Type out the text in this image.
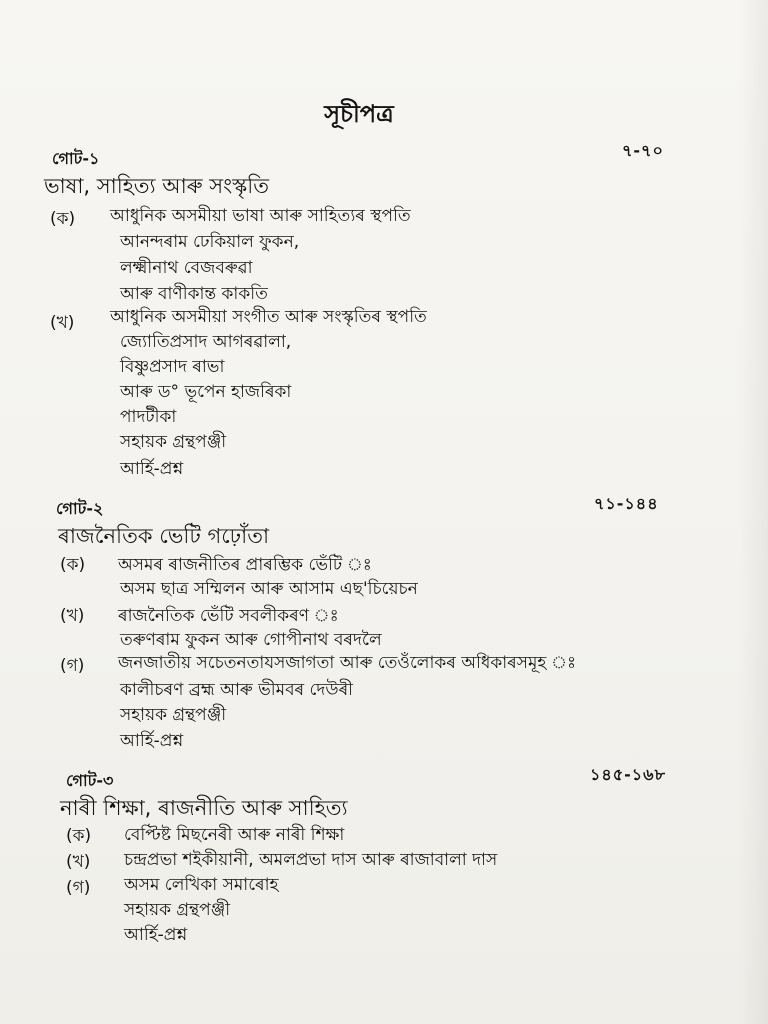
সূচীপত্ৰ
গোট-১	৭-৭০
ভাষা, সাহিত্য আৰু সংস্কৃতি
(ক) আধুনিক অসমীয়া ভাষা আৰু সাহিত্যৰ স্থপতি
আনন্দৰাম ঢেকিয়াল ফুকন,
লক্ষ্মীনাথ বেজবৰুৱা
আৰু বাণীকান্ত কাকতি
(খ) আধুনিক অসমীয়া সংগীত আৰু সংস্কৃতিৰ স্থপতি
জ্যোতিপ্ৰসাদ আগৰৱালা,
বিষ্ণুপ্ৰসাদ ৰাভা
আৰু ড° ভূপেন হাজৰিকা
পাদটীকা
সহায়ক গ্ৰন্থপঞ্জী
আৰ্হি-প্ৰশ্ন
গোট-২	৭১-১৪৪
ৰাজনৈতিক ভেটি গঢ়োঁতা
(ক) অসমৰ ৰাজনীতিৰ প্ৰাৰম্ভিক ভেঁটি ঃ
অসম ছাত্ৰ সম্মিলন আৰু আসাম এছ'চিয়েচন
(খ) ৰাজনৈতিক ভেঁটি সবলীকৰণ ঃ
তৰুণৰাম ফুকন আৰু গোপীনাথ বৰদলৈ
(গ) জনজাতীয় সচেতনতাযসজাগতা আৰু তেওঁলোকৰ অধিকাৰসমূহ ঃ
কালীচৰণ ব্ৰহ্ম আৰু ভীমবৰ দেউৰী
সহায়ক গ্ৰন্থপঞ্জী
আৰ্হি-প্ৰশ্ন
গোট-৩	১৪৫-১৬৮
নাৰী শিক্ষা, ৰাজনীতি আৰু সাহিত্য
(ক) বেপ্টিষ্ট মিছনেৰী আৰু নাৰী শিক্ষা
(খ) চন্দ্ৰপ্ৰভা শইকীয়ানী, অমলপ্ৰভা দাস আৰু ৰাজাবালা দাস
(গ) অসম লেখিকা সমাৰোহ
সহায়ক গ্ৰন্থপঞ্জী
আৰ্হি-প্ৰশ্ন
